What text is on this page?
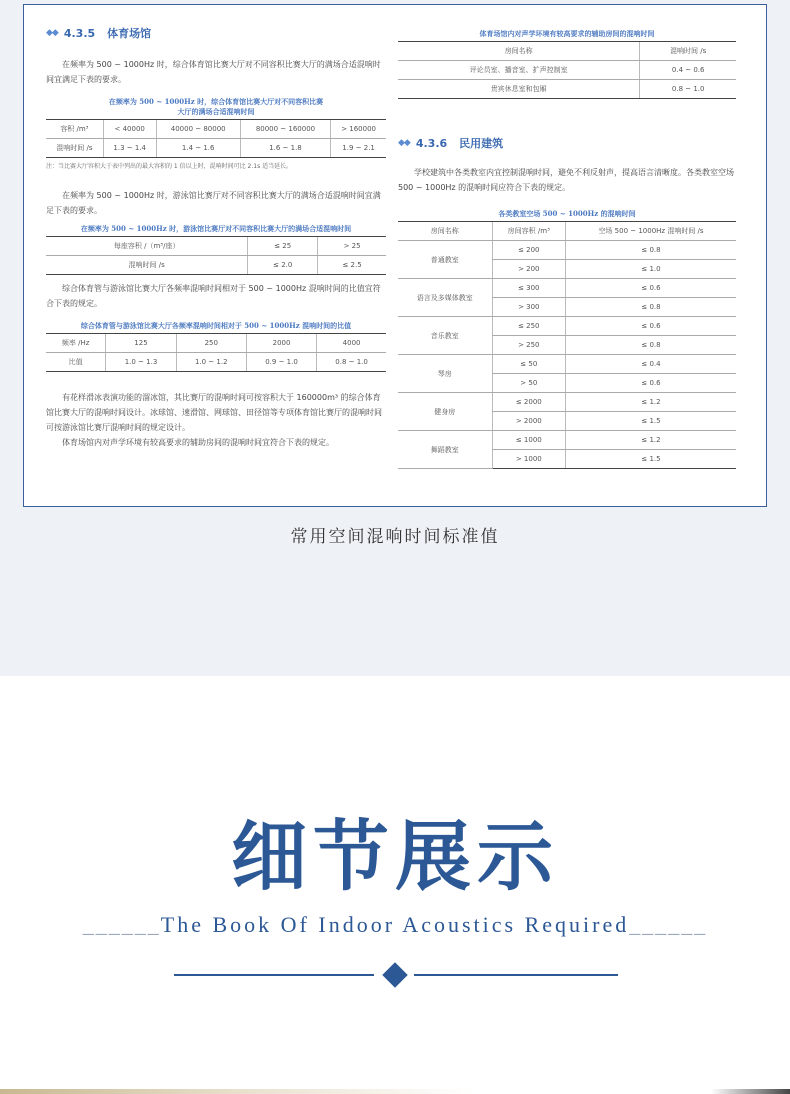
◆◆ 4.3.5 体育场馆

在频率为 500 ~ 1000Hz 时，综合体育馆比赛大厅对不同容积比赛大厅的满场合适混响时间宜满足下表的要求。

在频率为 500 ~ 1000Hz 时，综合体育馆比赛大厅对不同容积比赛大厅的满场合适混响时间
容积 /m³	< 40000	40000 ~ 80000	80000 ~ 160000	> 160000
混响时间 /s	1.3 ~ 1.4	1.4 ~ 1.6	1.6 ~ 1.8	1.9 ~ 2.1
注：当比赛大厅容积大于表中列出的最大容积的 1 倍以上时，混响时间可比 2.1s 适当延长。

在频率为 500 ~ 1000Hz 时，游泳馆比赛厅对不同容积比赛大厅的满场合适混响时间宜满足下表的要求。

在频率为 500 ~ 1000Hz 时，游泳馆比赛厅对不同容积比赛大厅的满场合适混响时间
每座容积 /（m³/座）	≤ 25	> 25
混响时间 /s	≤ 2.0	≤ 2.5

综合体育管与游泳馆比赛大厅各频率混响时间相对于 500 ~ 1000Hz 混响时间的比值宜符合下表的规定。

综合体育管与游泳馆比赛大厅各频率混响时间相对于 500 ~ 1000Hz 混响时间的比值
频率 /Hz	125	250	2000	4000
比值	1.0 ~ 1.3	1.0 ~ 1.2	0.9 ~ 1.0	0.8 ~ 1.0

有花样滑冰表演功能的溜冰馆，其比赛厅的混响时间可按容积大于 160000m³ 的综合体育馆比赛大厅的混响时间设计。冰球馆、速滑馆、网球馆、田径馆等专项体育馆比赛厅的混响时间可按游泳馆比赛厅混响时间的规定设计。

体育场馆内对声学环境有较高要求的辅助房间的混响时间宜符合下表的规定。

体育场馆内对声学环境有较高要求的辅助房间的混响时间
房间名称	混响时间 /s
评论员室、播音室、扩声控制室	0.4 ~ 0.6
贵宾休息室和包厢	0.8 ~ 1.0
◆◆ 4.3.6 民用建筑

学校建筑中各类教室内宜控制混响时间，避免不利反射声，提高语言清晰度。各类教室空场 500 ~ 1000Hz 的混响时间应符合下表的规定。

各类教室空场 500 ~ 1000Hz 的混响时间
房间名称	房间容积 /m³	空场 500 ~ 1000Hz 混响时间 /s
普通教室	≤ 200	≤ 0.8
	> 200	≤ 1.0
语言及多媒体教室	≤ 300	≤ 0.6
	> 300	≤ 0.8
音乐教室	≤ 250	≤ 0.6
	> 250	≤ 0.8
琴房	≤ 50	≤ 0.4
	> 50	≤ 0.6
健身房	≤ 2000	≤ 1.2
	> 2000	≤ 1.5
舞蹈教室	≤ 1000	≤ 1.2
	> 1000	≤ 1.5
常用空间混响时间标准值
细节展示
______The Book Of Indoor Acoustics Required______
